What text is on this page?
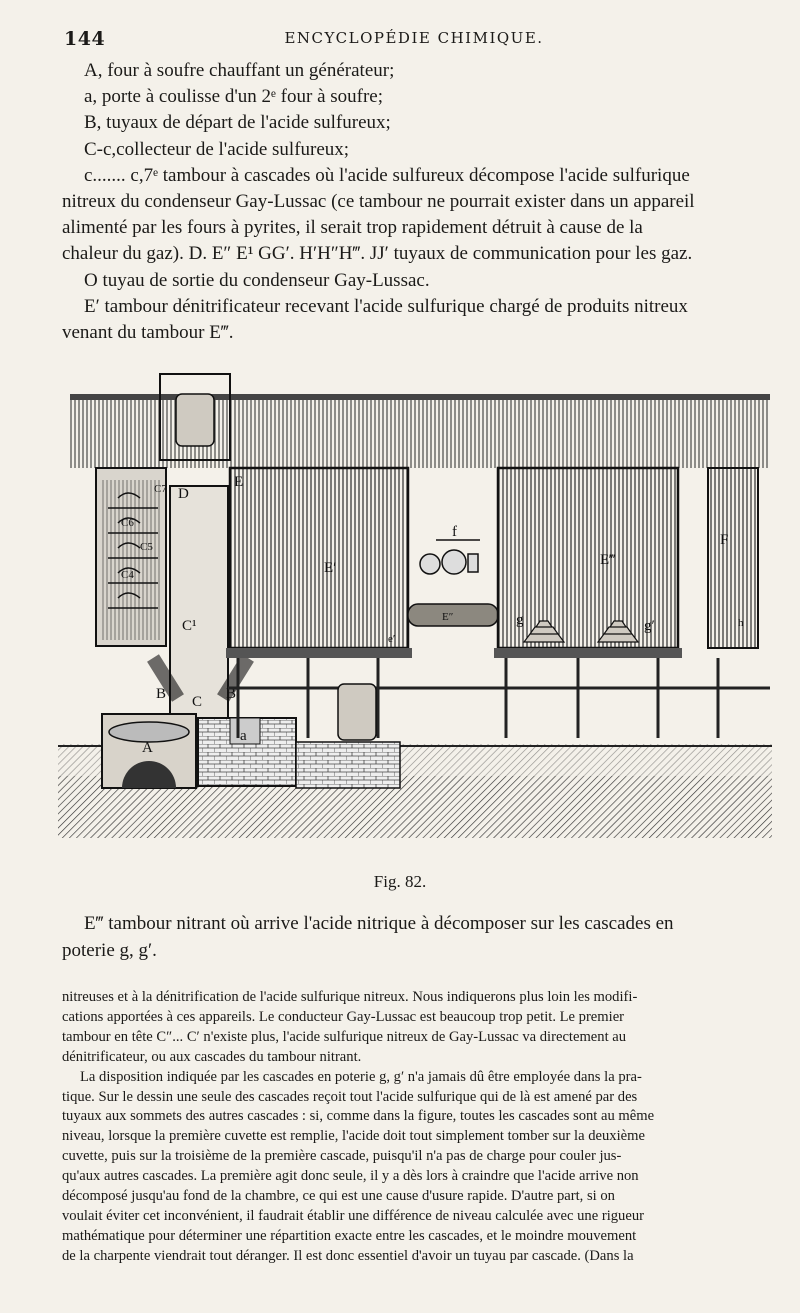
144	ENCYCLOPÉDIE CHIMIQUE.

A, four à soufre chauffant un générateur;

a, porte à coulisse d'un 2ᵉ four à soufre;

B, tuyaux de départ de l'acide sulfureux;

C-c,collecteur de l'acide sulfureux;

c....... c,7ᵉ tambour à cascades où l'acide sulfureux décompose l'acide sulfurique

nitreux du condenseur Gay-Lussac (ce tambour ne pourrait exister dans un appareil

alimenté par les fours à pyrites, il serait trop rapidement détruit à cause de la

chaleur du gaz). D. E″ E¹ GG′. H′H″H‴. JJ′ tuyaux de communication pour les gaz.

O tuyau de sortie du condenseur Gay-Lussac.

E′ tambour dénitrificateur recevant l'acide sulfurique chargé de produits nitreux

venant du tambour E‴.

C7
C6
C5
C4
D
C¹
C
B	B
A
a
E′
e′
E″
f
E‴
g	g′
F
h
Fig. 82.

E‴ tambour nitrant où arrive l'acide nitrique à décomposer sur les cascades en

poterie g, g′.

nitreuses et à la dénitrification de l'acide sulfurique nitreux. Nous indiquerons plus loin les modifi-

cations apportées à ces appareils. Le conducteur Gay-Lussac est beaucoup trop petit. Le premier

tambour en tête C″... C′ n'existe plus, l'acide sulfurique nitreux de Gay-Lussac va directement au

dénitrificateur, ou aux cascades du tambour nitrant.

La disposition indiquée par les cascades en poterie g, g′ n'a jamais dû être employée dans la pra-

tique. Sur le dessin une seule des cascades reçoit tout l'acide sulfurique qui de là est amené par des

tuyaux aux sommets des autres cascades : si, comme dans la figure, toutes les cascades sont au même

niveau, lorsque la première cuvette est remplie, l'acide doit tout simplement tomber sur la deuxième

cuvette, puis sur la troisième de la première cascade, puisqu'il n'a pas de charge pour couler jus-

qu'aux autres cascades. La première agit donc seule, il y a dès lors à craindre que l'acide arrive non

décomposé jusqu'au fond de la chambre, ce qui est une cause d'usure rapide. D'autre part, si on

voulait éviter cet inconvénient, il faudrait établir une différence de niveau calculée avec une rigueur

mathématique pour déterminer une répartition exacte entre les cascades, et le moindre mouvement

de la charpente viendrait tout déranger. Il est donc essentiel d'avoir un tuyau par cascade. (Dans la
